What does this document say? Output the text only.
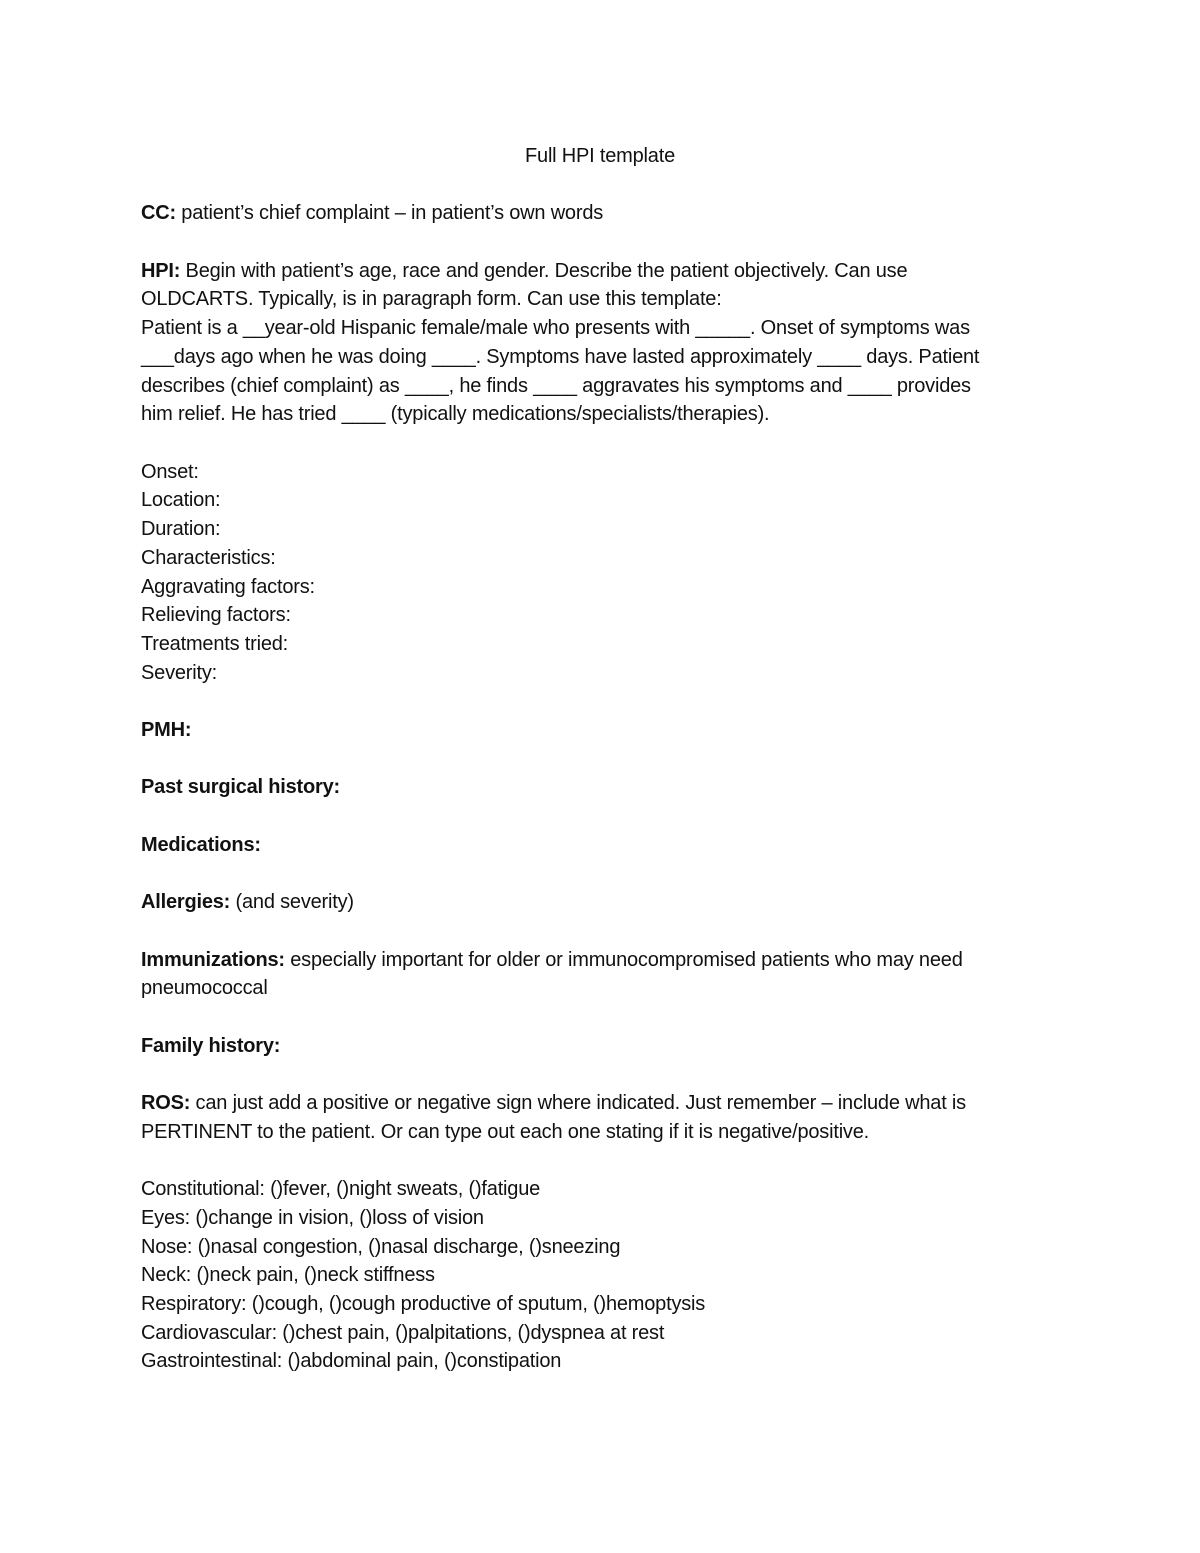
Full HPI template

CC: patient’s chief complaint – in patient’s own words

HPI: Begin with patient’s age, race and gender. Describe the patient objectively. Can use
OLDCARTS. Typically, is in paragraph form. Can use this template:
Patient is a __year-old Hispanic female/male who presents with _____. Onset of symptoms was
___days ago when he was doing ____. Symptoms have lasted approximately ____ days. Patient
describes (chief complaint) as ____, he finds ____ aggravates his symptoms and ____ provides
him relief. He has tried ____ (typically medications/specialists/therapies).
Onset:
Location:
Duration:
Characteristics:
Aggravating factors:
Relieving factors:
Treatments tried:
Severity:

PMH:

Past surgical history:

Medications:

Allergies: (and severity)

Immunizations: especially important for older or immunocompromised patients who may need
pneumococcal

Family history:

ROS: can just add a positive or negative sign where indicated. Just remember – include what is
PERTINENT to the patient. Or can type out each one stating if it is negative/positive.
Constitutional: ()fever, ()night sweats, ()fatigue
Eyes: ()change in vision, ()loss of vision
Nose: ()nasal congestion, ()nasal discharge, ()sneezing
Neck: ()neck pain, ()neck stiffness
Respiratory: ()cough, ()cough productive of sputum, ()hemoptysis
Cardiovascular: ()chest pain, ()palpitations, ()dyspnea at rest
Gastrointestinal: ()abdominal pain, ()constipation
